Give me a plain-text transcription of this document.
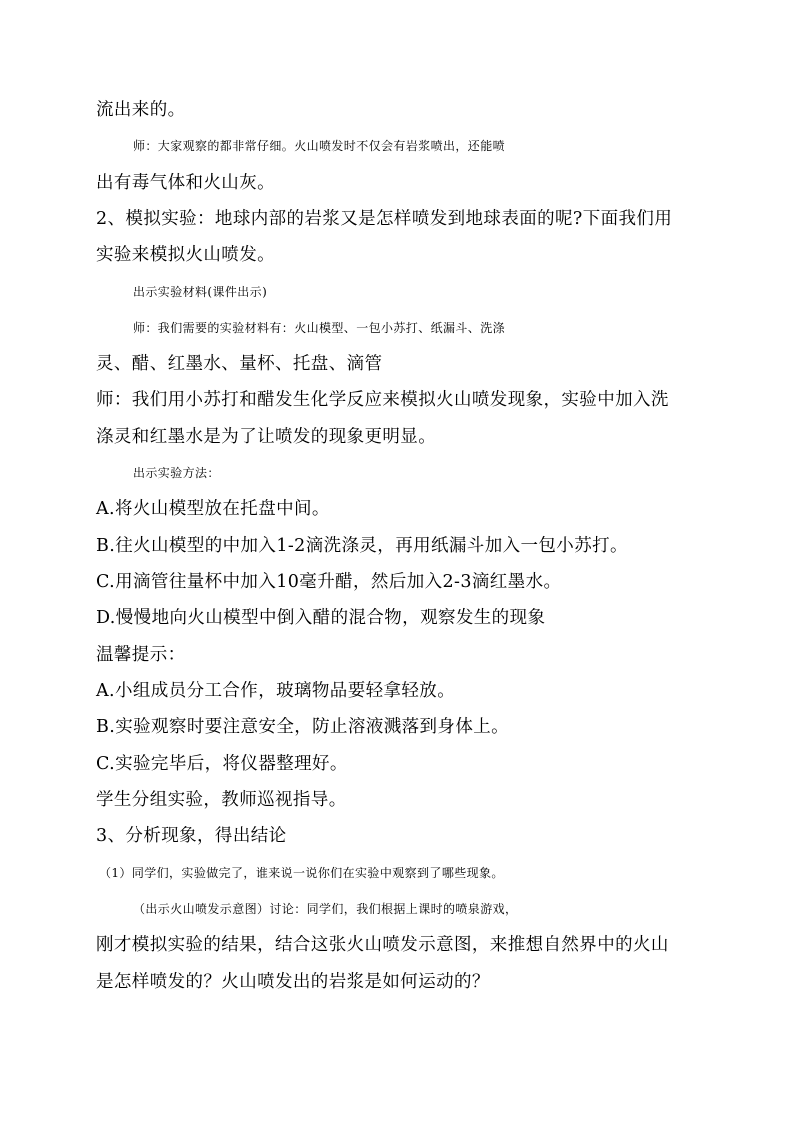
流出来的。
师：大家观察的都非常仔细。火山喷发时不仅会有岩浆喷出，还能喷
出有毒气体和火山灰。
2、模拟实验：地球内部的岩浆又是怎样喷发到地球表面的呢?下面我们用
实验来模拟火山喷发。
出示实验材料(课件出示)
师：我们需要的实验材料有：火山模型、一包小苏打、纸漏斗、洗涤
灵、醋、红墨水、量杯、托盘、滴管
师：我们用小苏打和醋发生化学反应来模拟火山喷发现象，实验中加入洗
涤灵和红墨水是为了让喷发的现象更明显。
出示实验方法：
A.将火山模型放在托盘中间。
B.往火山模型的中加入1-2滴洗涤灵，再用纸漏斗加入一包小苏打。
C.用滴管往量杯中加入10毫升醋，然后加入2-3滴红墨水。
D.慢慢地向火山模型中倒入醋的混合物，观察发生的现象
温馨提示：
A.小组成员分工合作，玻璃物品要轻拿轻放。
B.实验观察时要注意安全，防止溶液溅落到身体上。
C.实验完毕后，将仪器整理好。
学生分组实验，教师巡视指导。
3、分析现象，得出结论
（1）同学们，实验做完了，谁来说一说你们在实验中观察到了哪些现象。
（出示火山喷发示意图）讨论：同学们，我们根据上课时的喷泉游戏，
刚才模拟实验的结果，结合这张火山喷发示意图，来推想自然界中的火山
是怎样喷发的？火山喷发出的岩浆是如何运动的？
